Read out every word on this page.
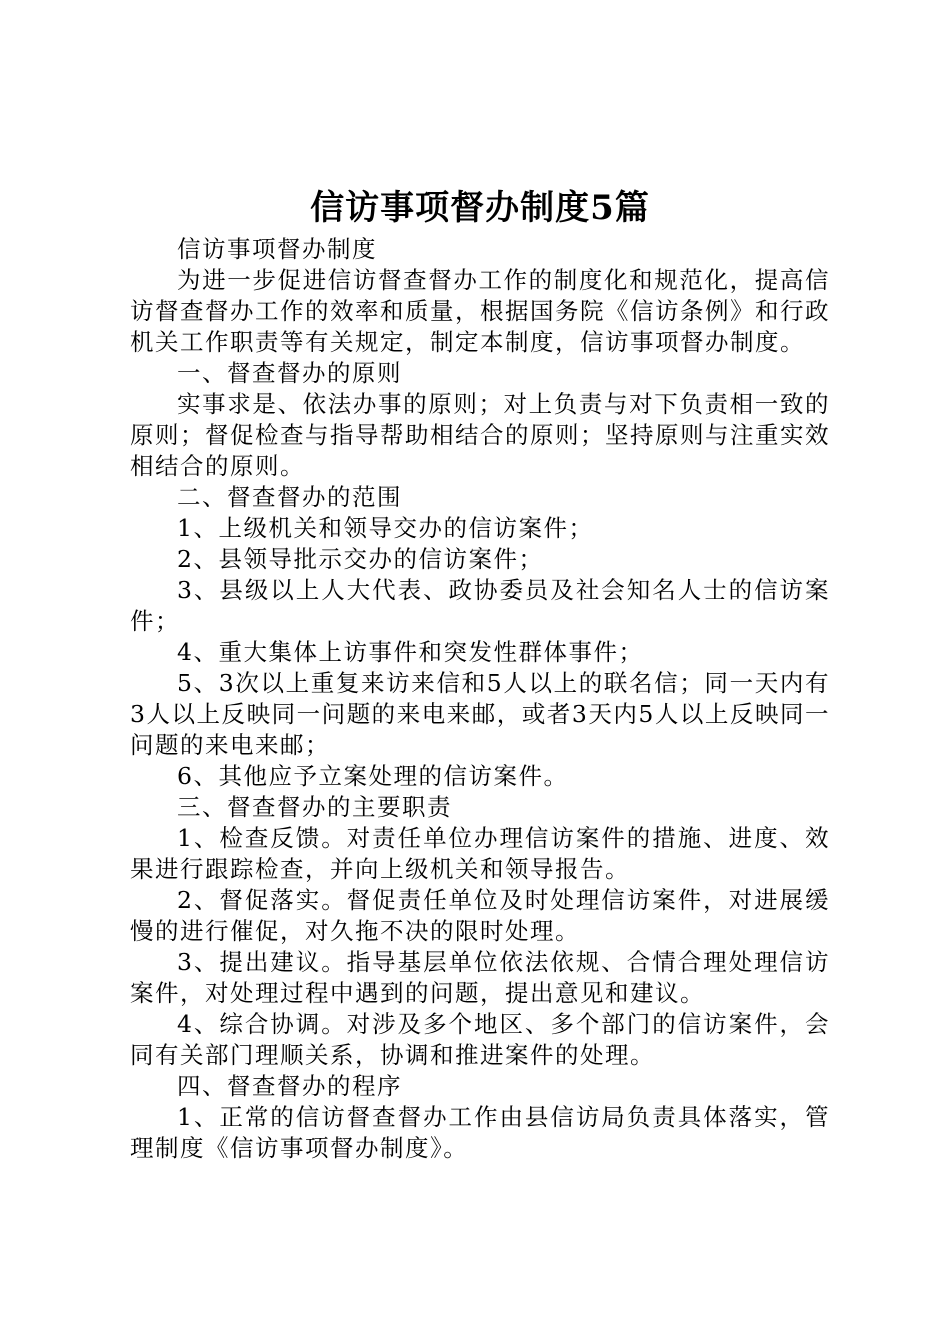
信访事项督办制度5篇

信访事项督办制度

为进一步促进信访督查督办工作的制度化和规范化，提高信访督查督办工作的效率和质量，根据国务院《信访条例》和行政机关工作职责等有关规定，制定本制度，信访事项督办制度。

一、督查督办的原则

实事求是、依法办事的原则；对上负责与对下负责相一致的原则；督促检查与指导帮助相结合的原则；坚持原则与注重实效相结合的原则。

二、督查督办的范围

1、上级机关和领导交办的信访案件；

2、县领导批示交办的信访案件；

3、县级以上人大代表、政协委员及社会知名人士的信访案件；

4、重大集体上访事件和突发性群体事件；

5、3次以上重复来访来信和5人以上的联名信；同一天内有3人以上反映同一问题的来电来邮，或者3天内5人以上反映同一问题的来电来邮；

6、其他应予立案处理的信访案件。

三、督查督办的主要职责

1、检查反馈。对责任单位办理信访案件的措施、进度、效果进行跟踪检查，并向上级机关和领导报告。

2、督促落实。督促责任单位及时处理信访案件，对进展缓慢的进行催促，对久拖不决的限时处理。

3、提出建议。指导基层单位依法依规、合情合理处理信访案件，对处理过程中遇到的问题，提出意见和建议。

4、综合协调。对涉及多个地区、多个部门的信访案件，会同有关部门理顺关系，协调和推进案件的处理。

四、督查督办的程序

1、正常的信访督查督办工作由县信访局负责具体落实，管理制度《信访事项督办制度》。
